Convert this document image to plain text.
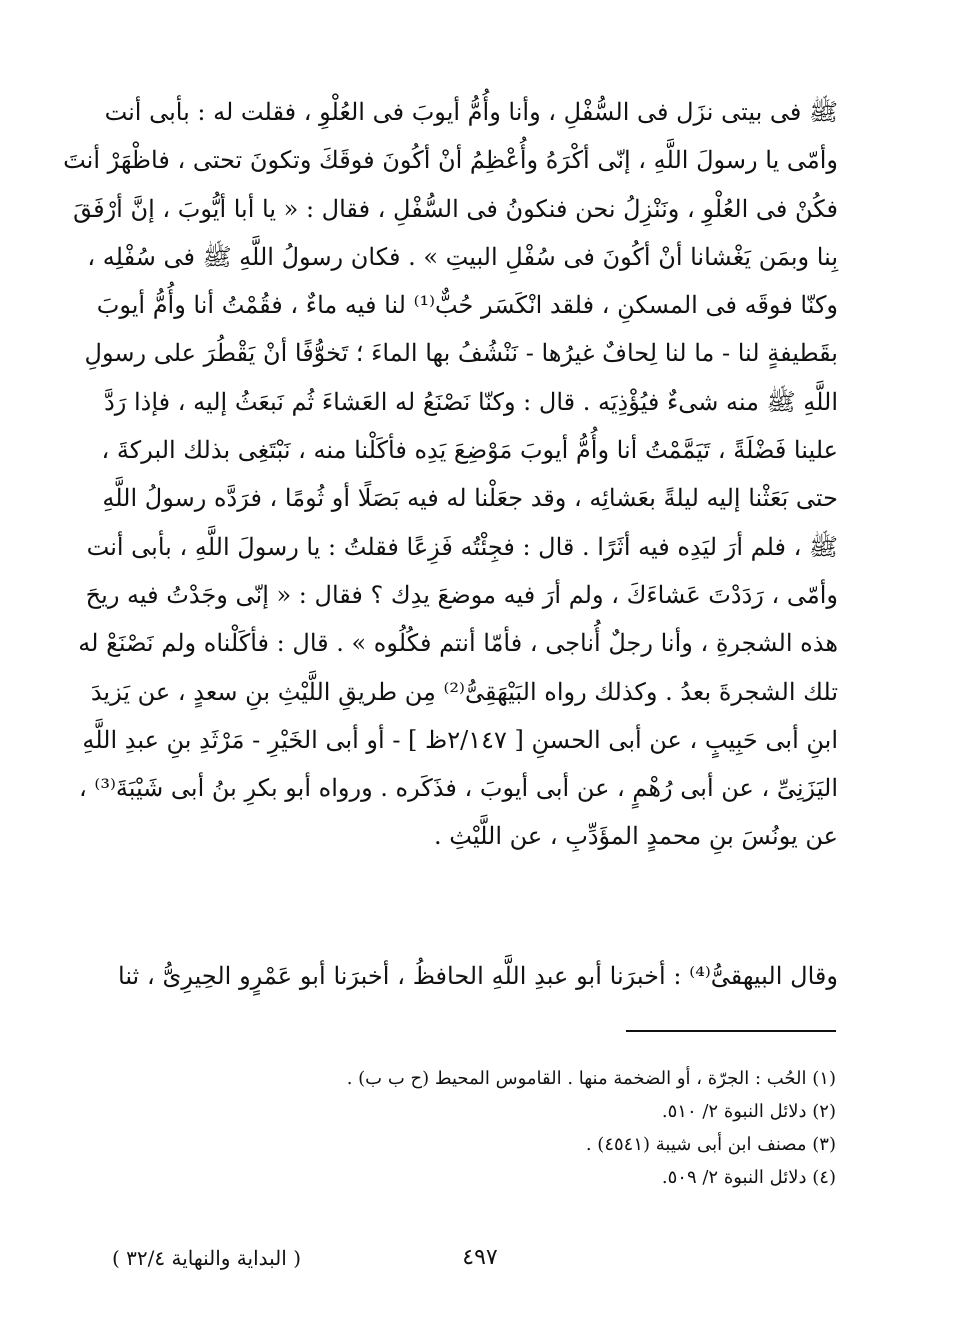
ﷺ فى بيتى نزَل فى السُّفْلِ ، وأنا وأُمُّ أيوبَ فى العُلْوِ ، فقلت له : بأبى أنت
وأمّى يا رسولَ اللَّهِ ، إنّى أكْرَهُ وأُعْظِمُ أنْ أكُونَ فوقَكَ وتكونَ تحتى ، فاظْهَرْ أنتَ
فكُنْ فى العُلْوِ ، ونَنْزِلُ نحن فنكونُ فى السُّفْلِ ، فقال : « يا أبا أيُّوبَ ، إنَّ أرْفَقَ
بِنا وبمَن يَغْشانا أنْ أكُونَ فى سُفْلِ البيتِ » . فكان رسولُ اللَّهِ ﷺ فى سُفْلِه ،
وكنّا فوقَه فى المسكنِ ، فلقد انْكَسَر حُبٌّ⁽¹⁾ لنا فيه ماءٌ ، فقُمْتُ أنا وأُمُّ أيوبَ
بقَطيفةٍ لنا - ما لنا لِحافٌ غيرُها - نَنْشُفُ بها الماءَ ؛ تَخوُّفًا أنْ يَقْطُرَ على رسولِ
اللَّهِ ﷺ منه شىءٌ فيُؤْذِيَه . قال : وكنّا نَصْنَعُ له العَشاءَ ثُم نَبعَثُ إليه ، فإذا رَدَّ
علينا فَضْلَةً ، تَيَمَّمْتُ أنا وأُمُّ أيوبَ مَوْضِعَ يَدِه فأكَلْنا منه ، نَبْتَغِى بذلك البركةَ ،
حتى بَعَثْنا إليه ليلةً بعَشائِه ، وقد جعَلْنا له فيه بَصَلًا أو ثُومًا ، فرَدَّه رسولُ اللَّهِ
ﷺ ، فلم أرَ ليَدِه فيه أثَرًا . قال : فجِئْتُه فَزِعًا فقلتُ : يا رسولَ اللَّهِ ، بأبى أنت
وأمّى ، رَدَدْتَ عَشاءَكَ ، ولم أرَ فيه موضعَ يدِك ؟ فقال : « إنّى وجَدْتُ فيه ريحَ
هذه الشجرةِ ، وأنا رجلٌ أُناجى ، فأمّا أنتم فكُلُوه » . قال : فأكَلْناه ولم نَصْنَعْ له
تلك الشجرةَ بعدُ . وكذلك رواه البَيْهَقِىُّ⁽²⁾ مِن طريقِ اللَّيْثِ بنِ سعدٍ ، عن يَزيدَ
ابنِ أبى حَبِيبٍ ، عن أبى الحسنِ [ ٢/١٤٧ظ ] - أو أبى الخَيْرِ - مَرْثَدِ بنِ عبدِ اللَّهِ
اليَزَنِىِّ ، عن أبى رُهْمٍ ، عن أبى أيوبَ ، فذَكَره . ورواه أبو بكرِ بنُ أبى شَيْبَةَ⁽³⁾ ،
عن يونُسَ بنِ محمدٍ المؤَدِّبِ ، عن اللَّيْثِ .
وقال البيهقىُّ⁽⁴⁾ : أخبرَنا أبو عبدِ اللَّهِ الحافظُ ، أخبرَنا أبو عَمْرٍو الحِيرِىُّ ، ثنا
(١) الحُب : الجرّة ، أو الضخمة منها . القاموس المحيط (ح ب ب) .
(٢) دلائل النبوة ٢/ ٥١٠.
(٣) مصنف ابن أبى شيبة (٤٥٤١) .
(٤) دلائل النبوة ٢/ ٥٠٩.
٤٩٧
( البداية والنهاية ٣٢/٤ )
